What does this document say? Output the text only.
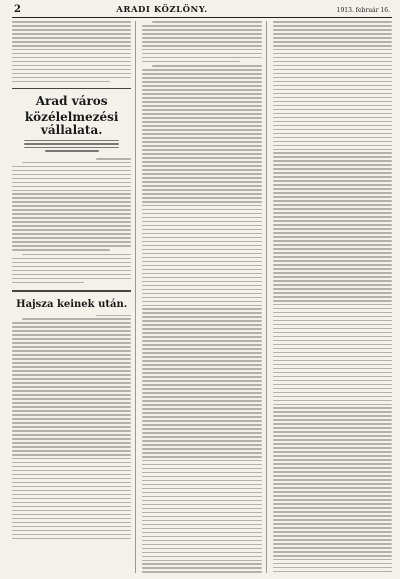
2	ARADI KÖZLÖNY.	1913. február 16.
Arad város
közélelmezési vállalata.
Hajsza keinek után.
